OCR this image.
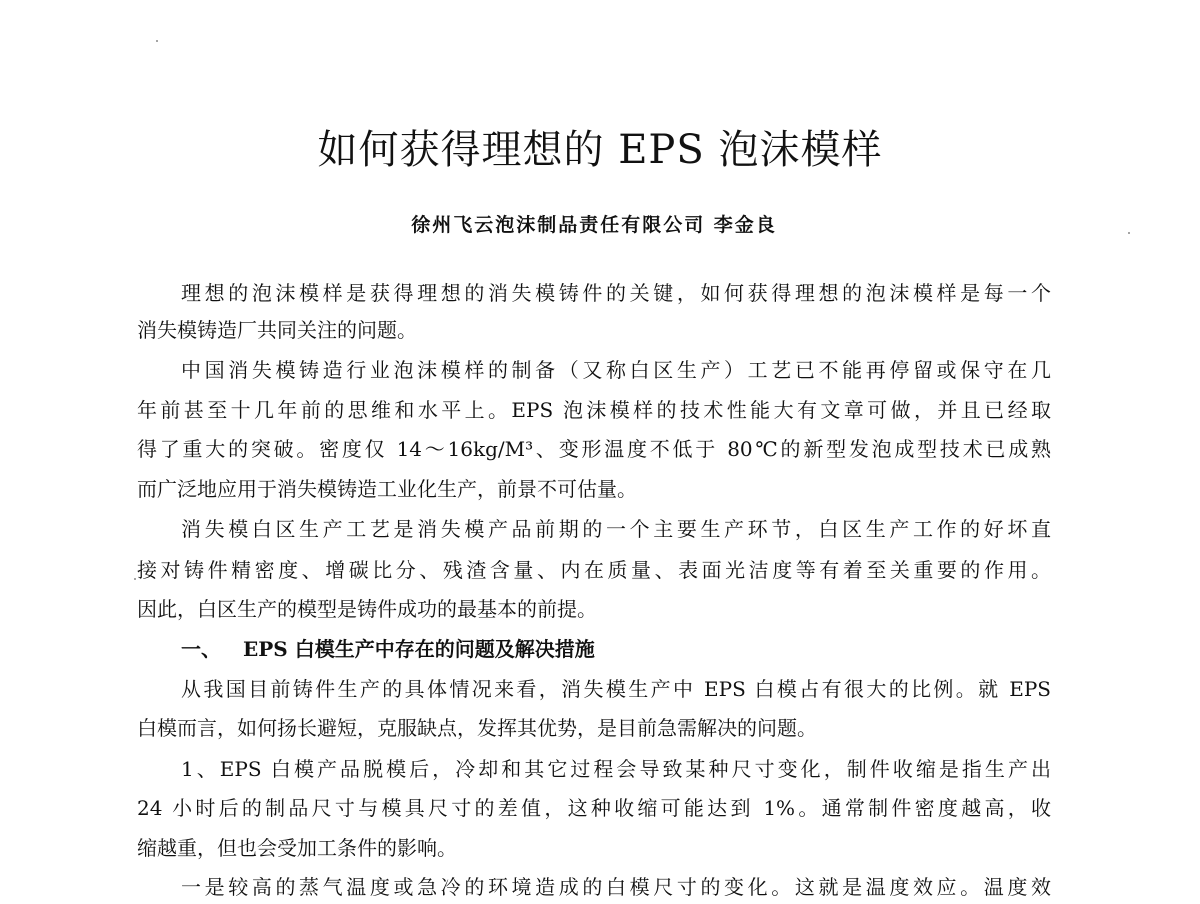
如何获得理想的 EPS 泡沫模样
徐州飞云泡沫制品责任有限公司 李金良
理想的泡沫模样是获得理想的消失模铸件的关键，如何获得理想的泡沫模样是每一个
消失模铸造厂共同关注的问题。
中国消失模铸造行业泡沫模样的制备（又称白区生产）工艺已不能再停留或保守在几
年前甚至十几年前的思维和水平上。EPS 泡沫模样的技术性能大有文章可做，并且已经取
得了重大的突破。密度仅 14～16kg/M³、变形温度不低于 80℃的新型发泡成型技术已成熟
而广泛地应用于消失模铸造工业化生产，前景不可估量。
消失模白区生产工艺是消失模产品前期的一个主要生产环节，白区生产工作的好坏直
接对铸件精密度、增碳比分、残渣含量、内在质量、表面光洁度等有着至关重要的作用。
因此，白区生产的模型是铸件成功的最基本的前提。
一、 EPS 白模生产中存在的问题及解决措施
从我国目前铸件生产的具体情况来看，消失模生产中 EPS 白模占有很大的比例。就 EPS
白模而言，如何扬长避短，克服缺点，发挥其优势，是目前急需解决的问题。
1、EPS 白模产品脱模后，冷却和其它过程会导致某种尺寸变化，制件收缩是指生产出
24 小时后的制品尺寸与模具尺寸的差值，这种收缩可能达到 1%。通常制件密度越高，收
缩越重，但也会受加工条件的影响。
一是较高的蒸气温度或急冷的环境造成的白模尺寸的变化。这就是温度效应。温度效
